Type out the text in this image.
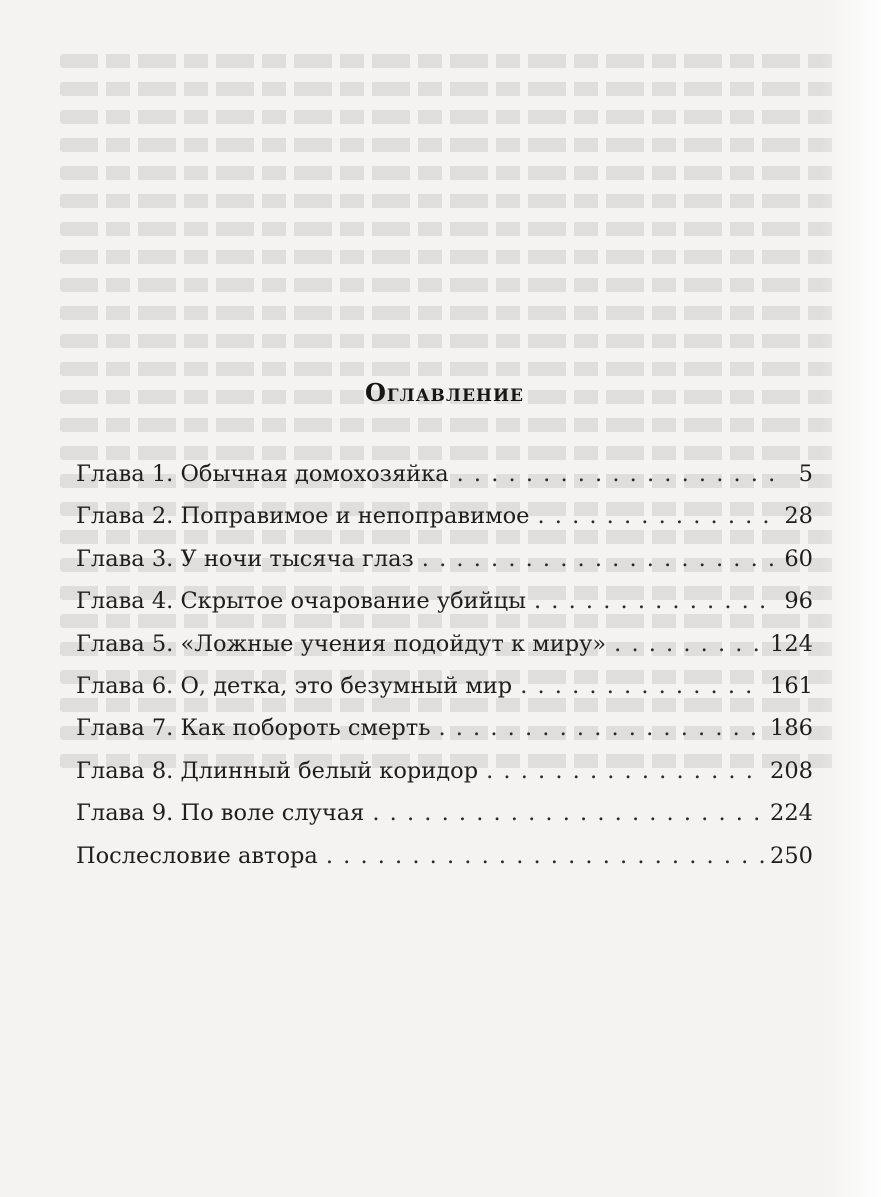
Оглавление
Глава 1. Обычная домохозяйка . . .	5
Глава 2. Поправимое и непоправимое . . .	28
Глава 3. У ночи тысяча глаз . . .	60
Глава 4. Скрытое очарование убийцы . . .	96
Глава 5. «Ложные учения подойдут к миру» . . .	124
Глава 6. О, детка, это безумный мир . . .	161
Глава 7. Как побороть смерть . . .	186
Глава 8. Длинный белый коридор . . .	208
Глава 9. По воле случая . . .	224
Послесловие автора . . .	250
